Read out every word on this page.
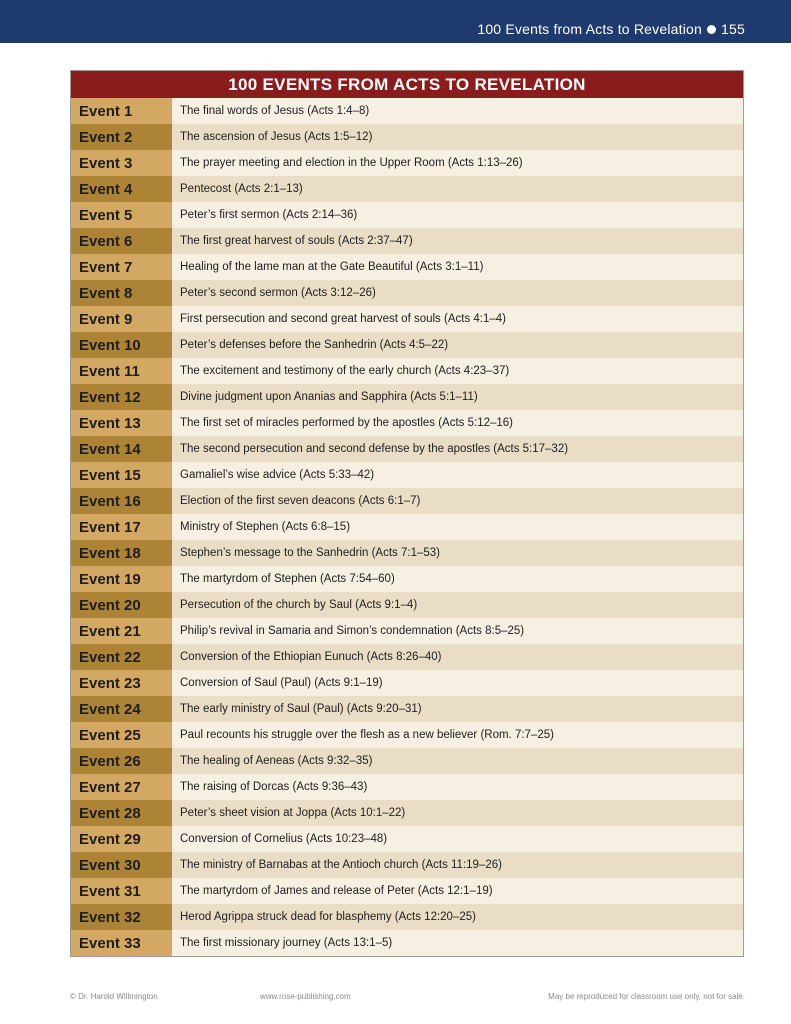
100 Events from Acts to Revelation 155
100 EVENTS FROM ACTS TO REVELATION
Event 1	The final words of Jesus (Acts 1:4–8)
Event 2	The ascension of Jesus (Acts 1:5–12)
Event 3	The prayer meeting and election in the Upper Room (Acts 1:13–26)
Event 4	Pentecost (Acts 2:1–13)
Event 5	Peter’s first sermon (Acts 2:14–36)
Event 6	The first great harvest of souls (Acts 2:37–47)
Event 7	Healing of the lame man at the Gate Beautiful (Acts 3:1–11)
Event 8	Peter’s second sermon (Acts 3:12–26)
Event 9	First persecution and second great harvest of souls (Acts 4:1–4)
Event 10	Peter’s defenses before the Sanhedrin (Acts 4:5–22)
Event 11	The excitement and testimony of the early church (Acts 4:23–37)
Event 12	Divine judgment upon Ananias and Sapphira (Acts 5:1–11)
Event 13	The first set of miracles performed by the apostles (Acts 5:12–16)
Event 14	The second persecution and second defense by the apostles (Acts 5:17–32)
Event 15	Gamaliel’s wise advice (Acts 5:33–42)
Event 16	Election of the first seven deacons (Acts 6:1–7)
Event 17	Ministry of Stephen (Acts 6:8–15)
Event 18	Stephen’s message to the Sanhedrin (Acts 7:1–53)
Event 19	The martyrdom of Stephen (Acts 7:54–60)
Event 20	Persecution of the church by Saul (Acts 9:1–4)
Event 21	Philip’s revival in Samaria and Simon’s condemnation (Acts 8:5–25)
Event 22	Conversion of the Ethiopian Eunuch (Acts 8:26–40)
Event 23	Conversion of Saul (Paul) (Acts 9:1–19)
Event 24	The early ministry of Saul (Paul) (Acts 9:20–31)
Event 25	Paul recounts his struggle over the flesh as a new believer (Rom. 7:7–25)
Event 26	The healing of Aeneas (Acts 9:32–35)
Event 27	The raising of Dorcas (Acts 9:36–43)
Event 28	Peter’s sheet vision at Joppa (Acts 10:1–22)
Event 29	Conversion of Cornelius (Acts 10:23–48)
Event 30	The ministry of Barnabas at the Antioch church (Acts 11:19–26)
Event 31	The martyrdom of James and release of Peter (Acts 12:1–19)
Event 32	Herod Agrippa struck dead for blasphemy (Acts 12:20–25)
Event 33	The first missionary journey (Acts 13:1–5)
© Dr. Harold Willmington	www.rose-publishing.com	May be reproduced for classroom use only, not for sale.
